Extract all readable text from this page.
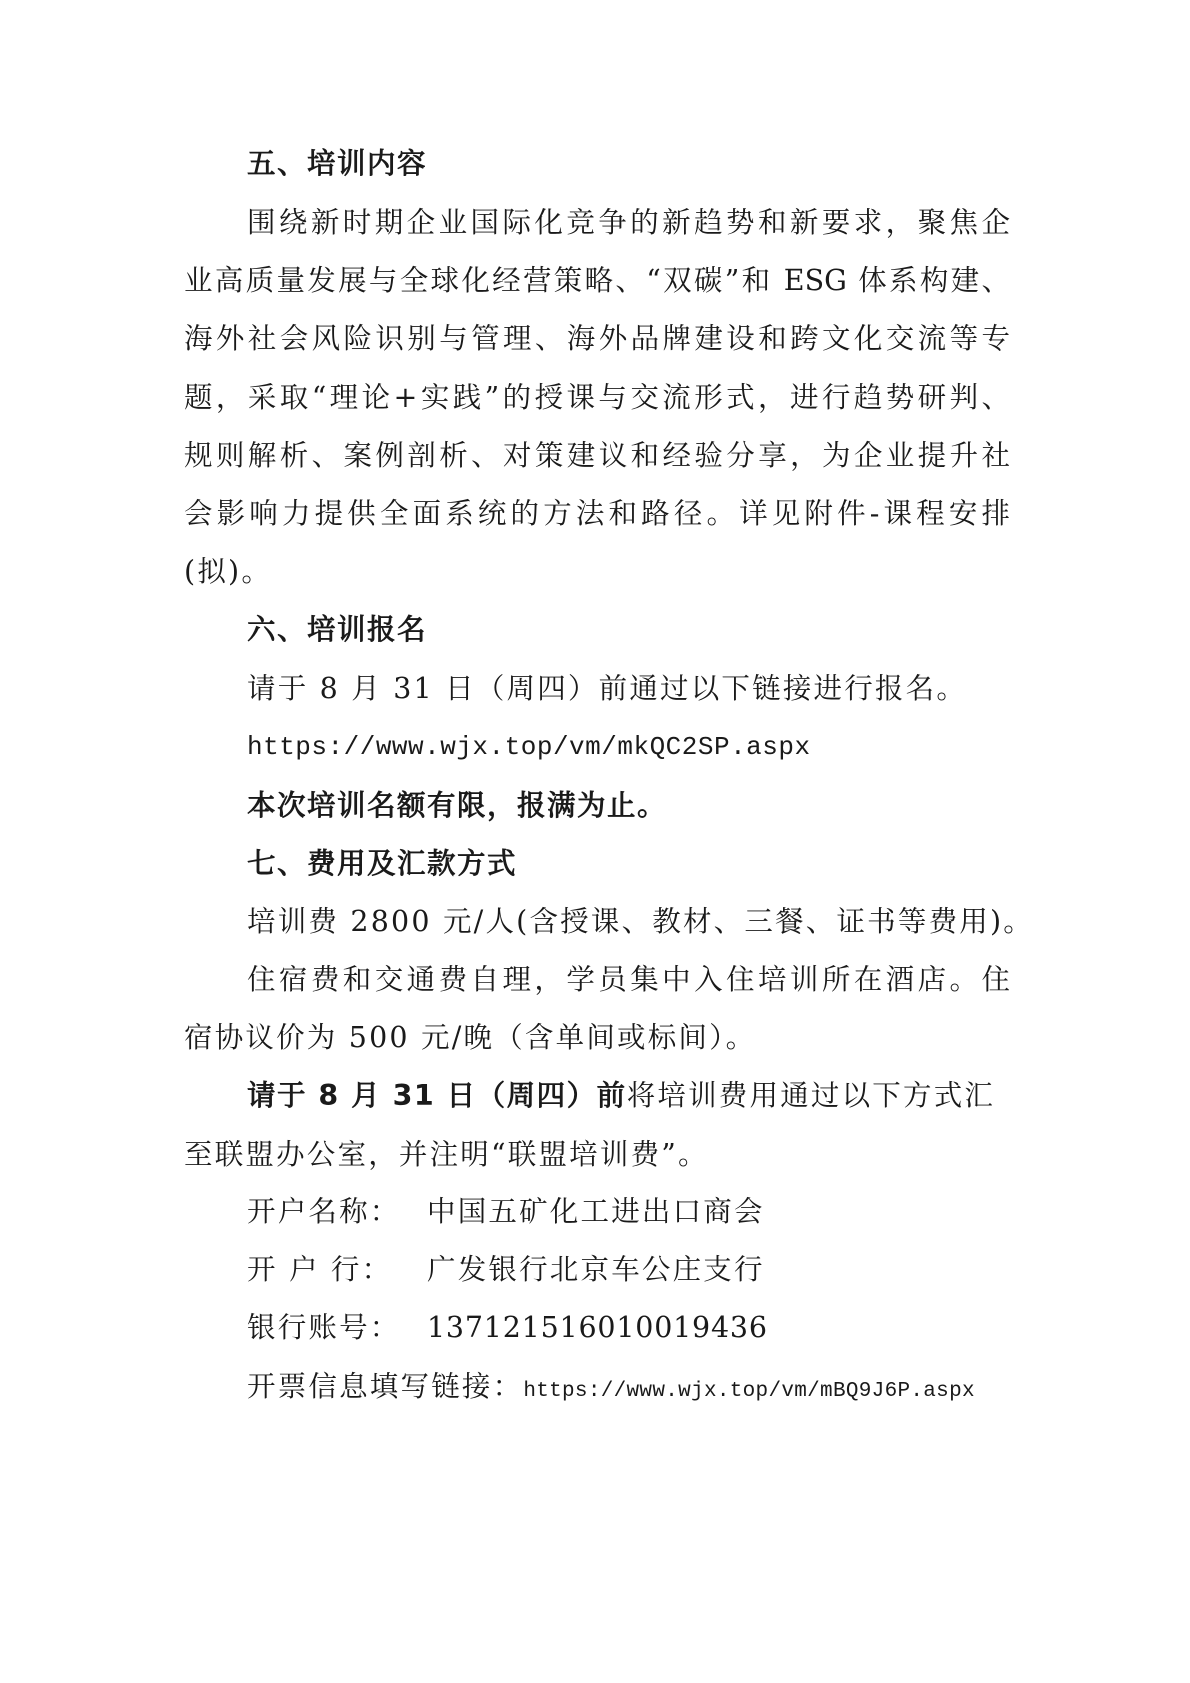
五、培训内容

围绕新时期企业国际化竞争的新趋势和新要求，聚焦企

业高质量发展与全球化经营策略、“双碳”和 ESG 体系构建、

海外社会风险识别与管理、海外品牌建设和跨文化交流等专

题，采取“理论+实践”的授课与交流形式，进行趋势研判、

规则解析、案例剖析、对策建议和经验分享，为企业提升社

会影响力提供全面系统的方法和路径。详见附件-课程安排

(拟)。

六、培训报名

请于 8 月 31 日（周四）前通过以下链接进行报名。

https://www.wjx.top/vm/mkQC2SP.aspx

本次培训名额有限，报满为止。

七、费用及汇款方式

培训费 2800 元/人(含授课、教材、三餐、证书等费用)。

住宿费和交通费自理，学员集中入住培训所在酒店。住

宿协议价为 500 元/晚（含单间或标间）。

请于 8 月 31 日（周四）前将培训费用通过以下方式汇

至联盟办公室，并注明“联盟培训费”。

开户名称： 中国五矿化工进出口商会

开 户 行： 广发银行北京车公庄支行

银行账号： 137121516010019436

开票信息填写链接：https://www.wjx.top/vm/mBQ9J6P.aspx
